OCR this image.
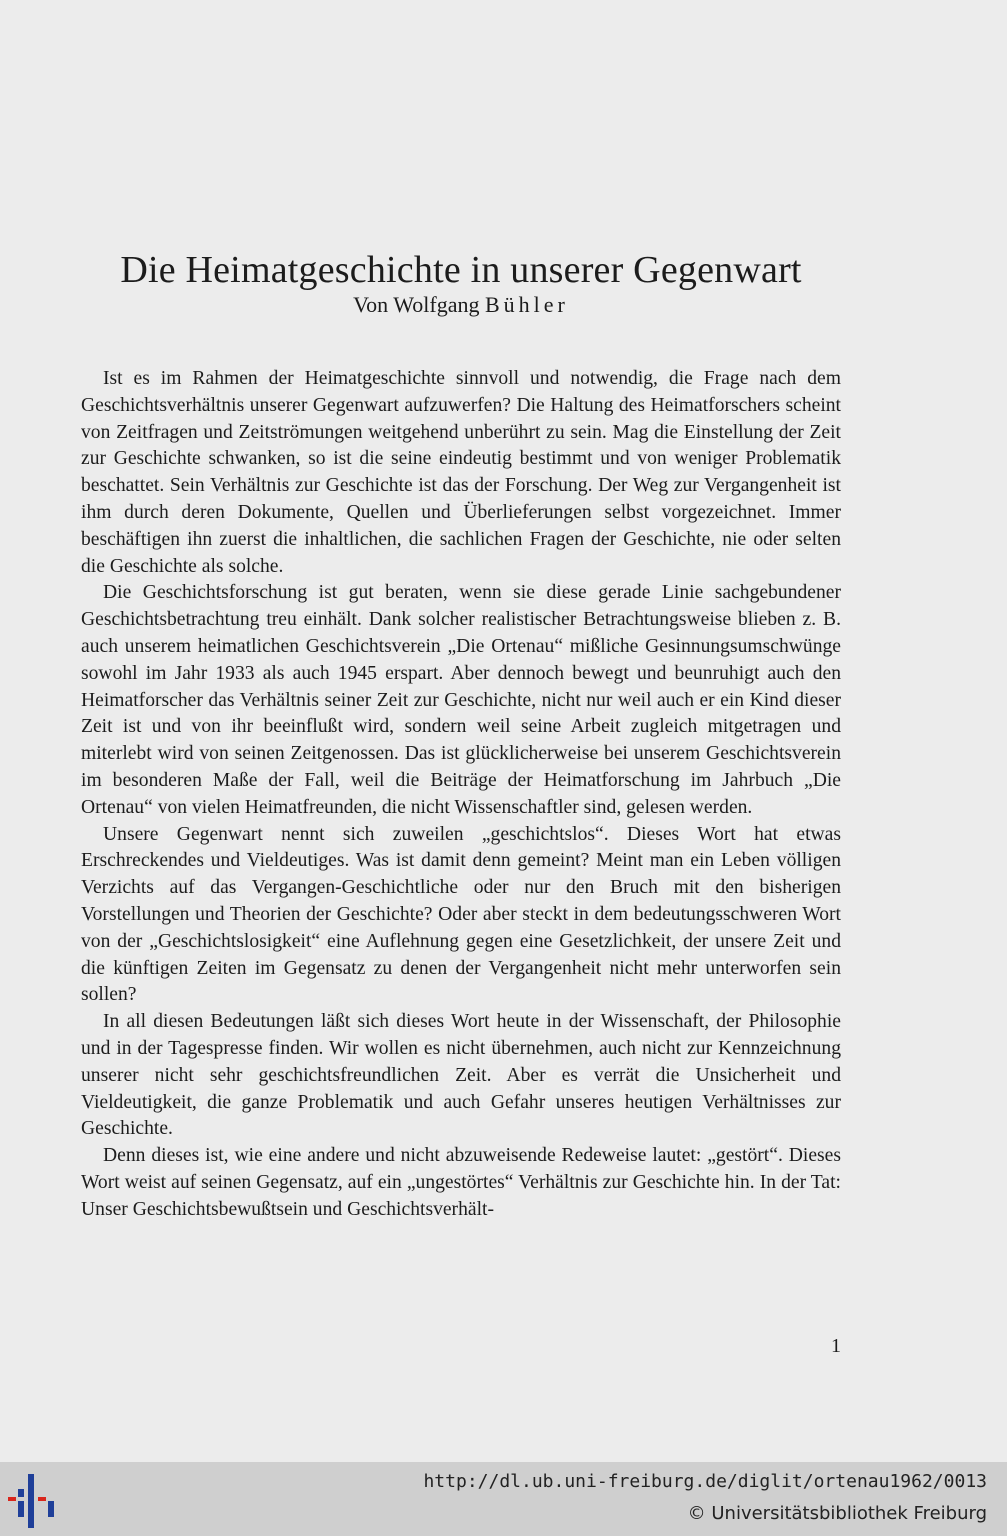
Die Heimatgeschichte in unserer Gegenwart
Von Wolfgang Bühler

Ist es im Rahmen der Heimatgeschichte sinnvoll und notwendig, die Frage nach dem Geschichtsverhältnis unserer Gegenwart aufzuwerfen? Die Haltung des Heimatforschers scheint von Zeitfragen und Zeitströmungen weitgehend unberührt zu sein. Mag die Einstellung der Zeit zur Geschichte schwanken, so ist die seine eindeutig bestimmt und von weniger Problematik beschattet. Sein Verhältnis zur Geschichte ist das der Forschung. Der Weg zur Vergangenheit ist ihm durch deren Dokumente, Quellen und Überlieferungen selbst vorgezeichnet. Immer beschäftigen ihn zuerst die inhaltlichen, die sachlichen Fragen der Geschichte, nie oder selten die Geschichte als solche.

Die Geschichtsforschung ist gut beraten, wenn sie diese gerade Linie sachgebundener Geschichtsbetrachtung treu einhält. Dank solcher realistischer Betrachtungsweise blieben z. B. auch unserem heimatlichen Geschichtsverein „Die Ortenau“ mißliche Gesinnungsumschwünge sowohl im Jahr 1933 als auch 1945 erspart. Aber dennoch bewegt und beunruhigt auch den Heimatforscher das Verhältnis seiner Zeit zur Geschichte, nicht nur weil auch er ein Kind dieser Zeit ist und von ihr beeinflußt wird, sondern weil seine Arbeit zugleich mitgetragen und miterlebt wird von seinen Zeitgenossen. Das ist glücklicherweise bei unserem Geschichtsverein im besonderen Maße der Fall, weil die Beiträge der Heimatforschung im Jahrbuch „Die Ortenau“ von vielen Heimatfreunden, die nicht Wissenschaftler sind, gelesen werden.

Unsere Gegenwart nennt sich zuweilen „geschichtslos“. Dieses Wort hat etwas Erschreckendes und Vieldeutiges. Was ist damit denn gemeint? Meint man ein Leben völligen Verzichts auf das Vergangen-Geschichtliche oder nur den Bruch mit den bisherigen Vorstellungen und Theorien der Geschichte? Oder aber steckt in dem bedeutungsschweren Wort von der „Geschichtslosigkeit“ eine Auflehnung gegen eine Gesetzlichkeit, der unsere Zeit und die künftigen Zeiten im Gegensatz zu denen der Vergangenheit nicht mehr unterworfen sein sollen?

In all diesen Bedeutungen läßt sich dieses Wort heute in der Wissenschaft, der Philosophie und in der Tagespresse finden. Wir wollen es nicht übernehmen, auch nicht zur Kennzeichnung unserer nicht sehr geschichtsfreundlichen Zeit. Aber es verrät die Unsicherheit und Vieldeutigkeit, die ganze Problematik und auch Gefahr unseres heutigen Verhältnisses zur Geschichte.

Denn dieses ist, wie eine andere und nicht abzuweisende Redeweise lautet: „gestört“. Dieses Wort weist auf seinen Gegensatz, auf ein „ungestörtes“ Verhältnis zur Geschichte hin. In der Tat: Unser Geschichtsbewußtsein und Geschichtsverhält-

1
http://dl.ub.uni-freiburg.de/diglit/ortenau1962/0013
© Universitätsbibliothek Freiburg
